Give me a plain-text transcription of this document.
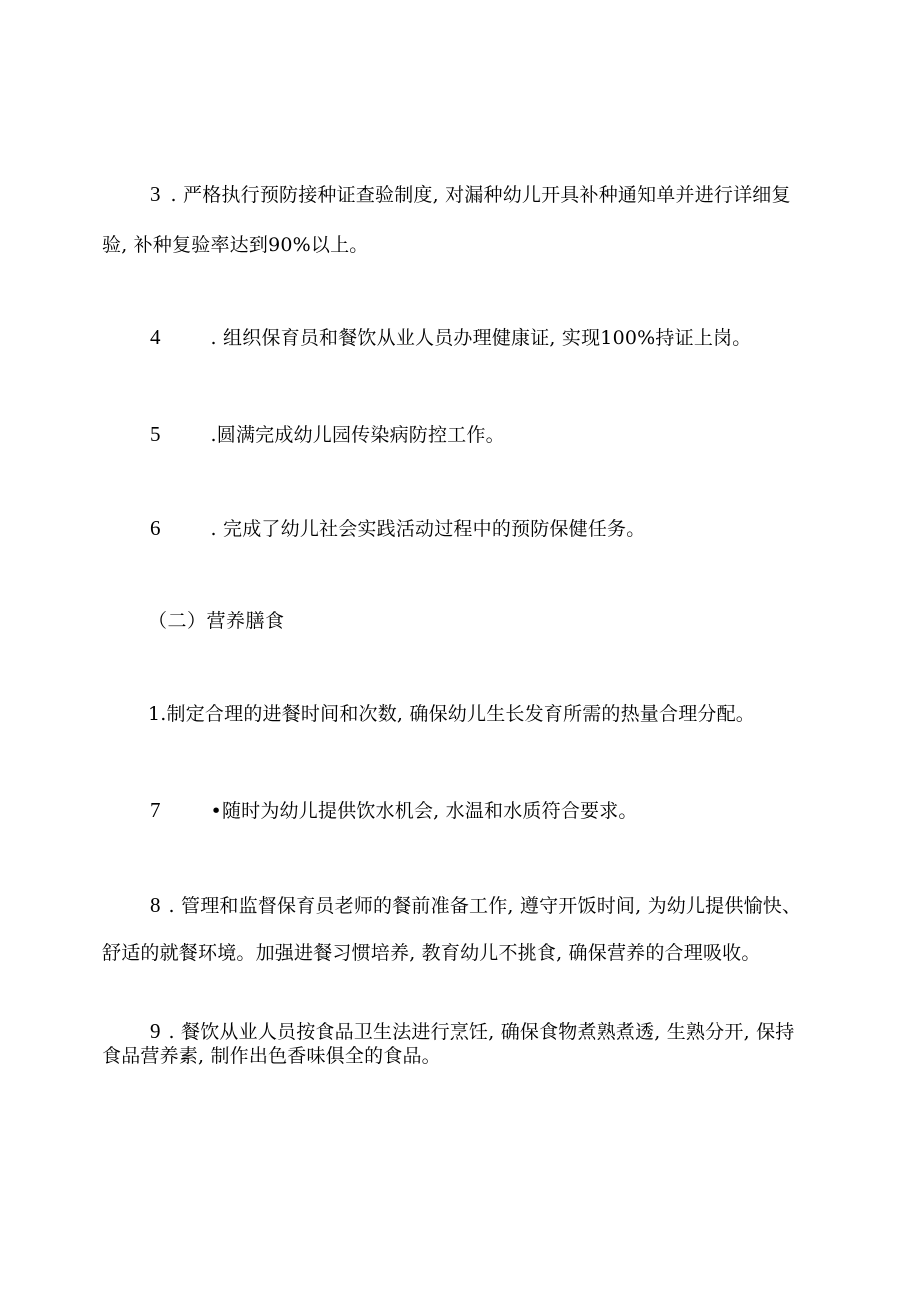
3 . 严格执行预防接种证查验制度, 对漏种幼儿开具补种通知单并进行详细复
验, 补种复验率达到90%以上。
4	. 组织保育员和餐饮从业人员办理健康证, 实现100%持证上岗。
5	.圆满完成幼儿园传染病防控工作。
6	. 完成了幼儿社会实践活动过程中的预防保健任务。
（二）营养膳食
1.制定合理的进餐时间和次数, 确保幼儿生长发育所需的热量合理分配。
7	•随时为幼儿提供饮水机会, 水温和水质符合要求。
8 . 管理和监督保育员老师的餐前准备工作, 遵守开饭时间, 为幼儿提供愉快、
舒适的就餐环境。加强进餐习惯培养, 教育幼儿不挑食, 确保营养的合理吸收。
9 . 餐饮从业人员按食品卫生法进行烹饪, 确保食物煮熟煮透, 生熟分开, 保持
食品营养素, 制作出色香味俱全的食品。
